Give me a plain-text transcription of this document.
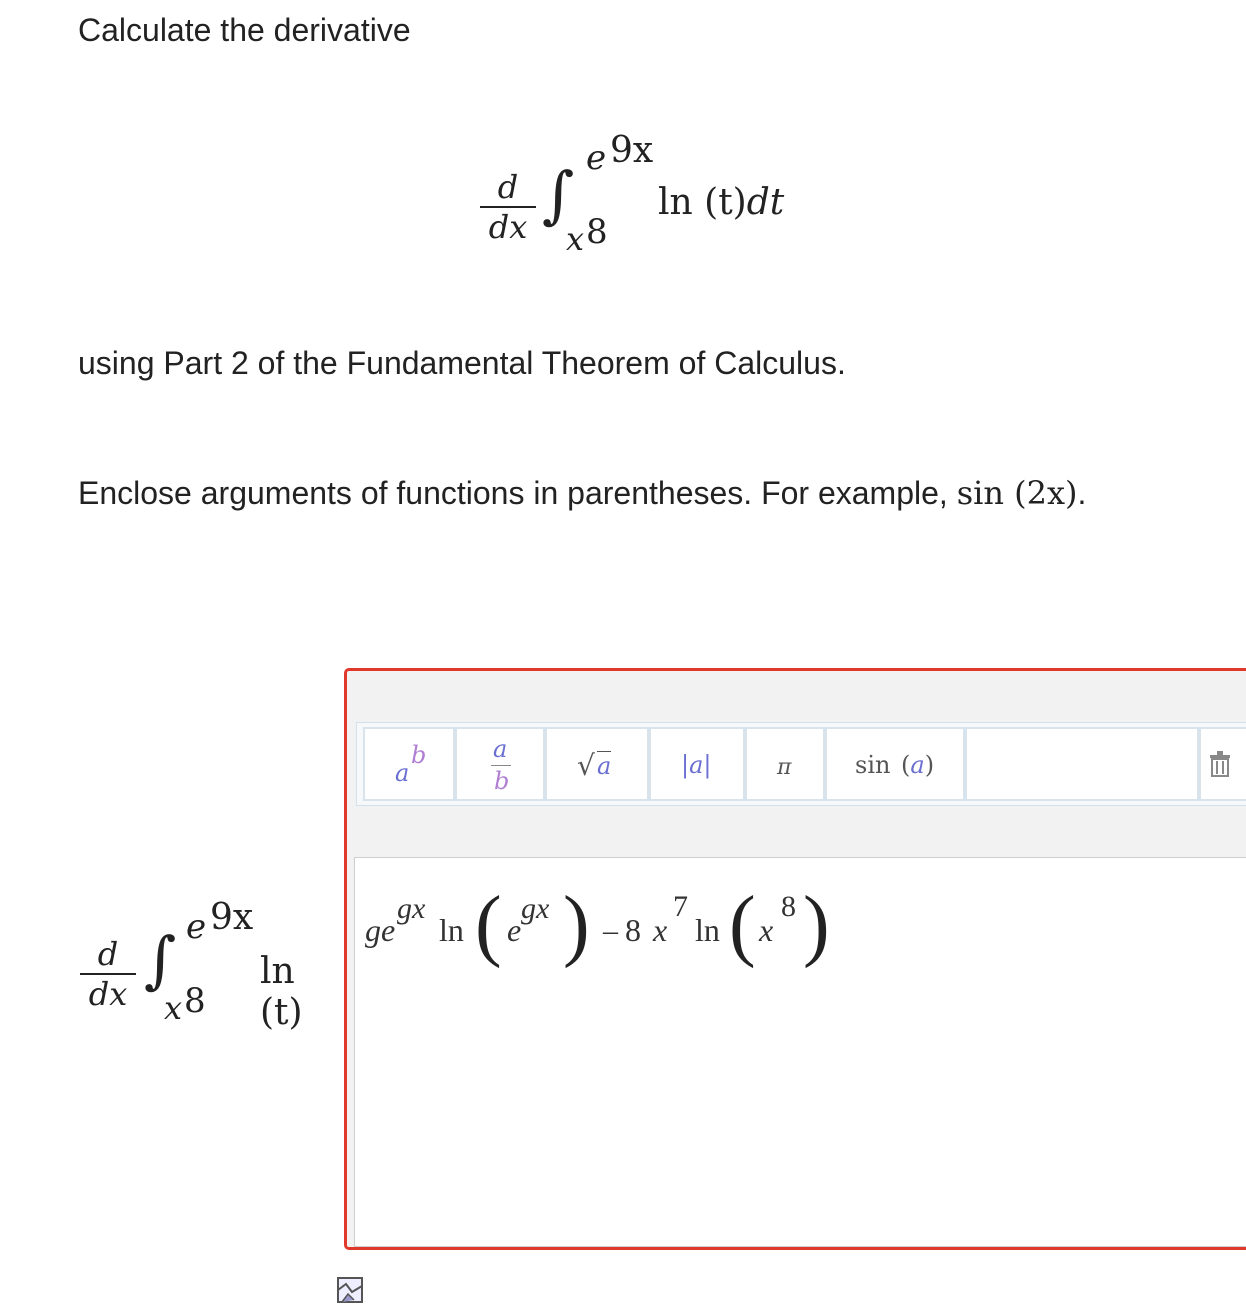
Calculate the derivative
$\frac{d}{dx}$ ∫ e 9x
x 8
ln (t)dt
using Part 2 of the Fundamental Theorem of Calculus.
Enclose arguments of functions in parentheses. For example, sin (2x).
$\frac{d}{dx}$ ∫ e 9x
x 8
ln (t)
a
b	a
b √ a	|a|	π	sin (a)
g e
gx
ln ( e
gx ) – 8 x
7
ln ( x
8 )
